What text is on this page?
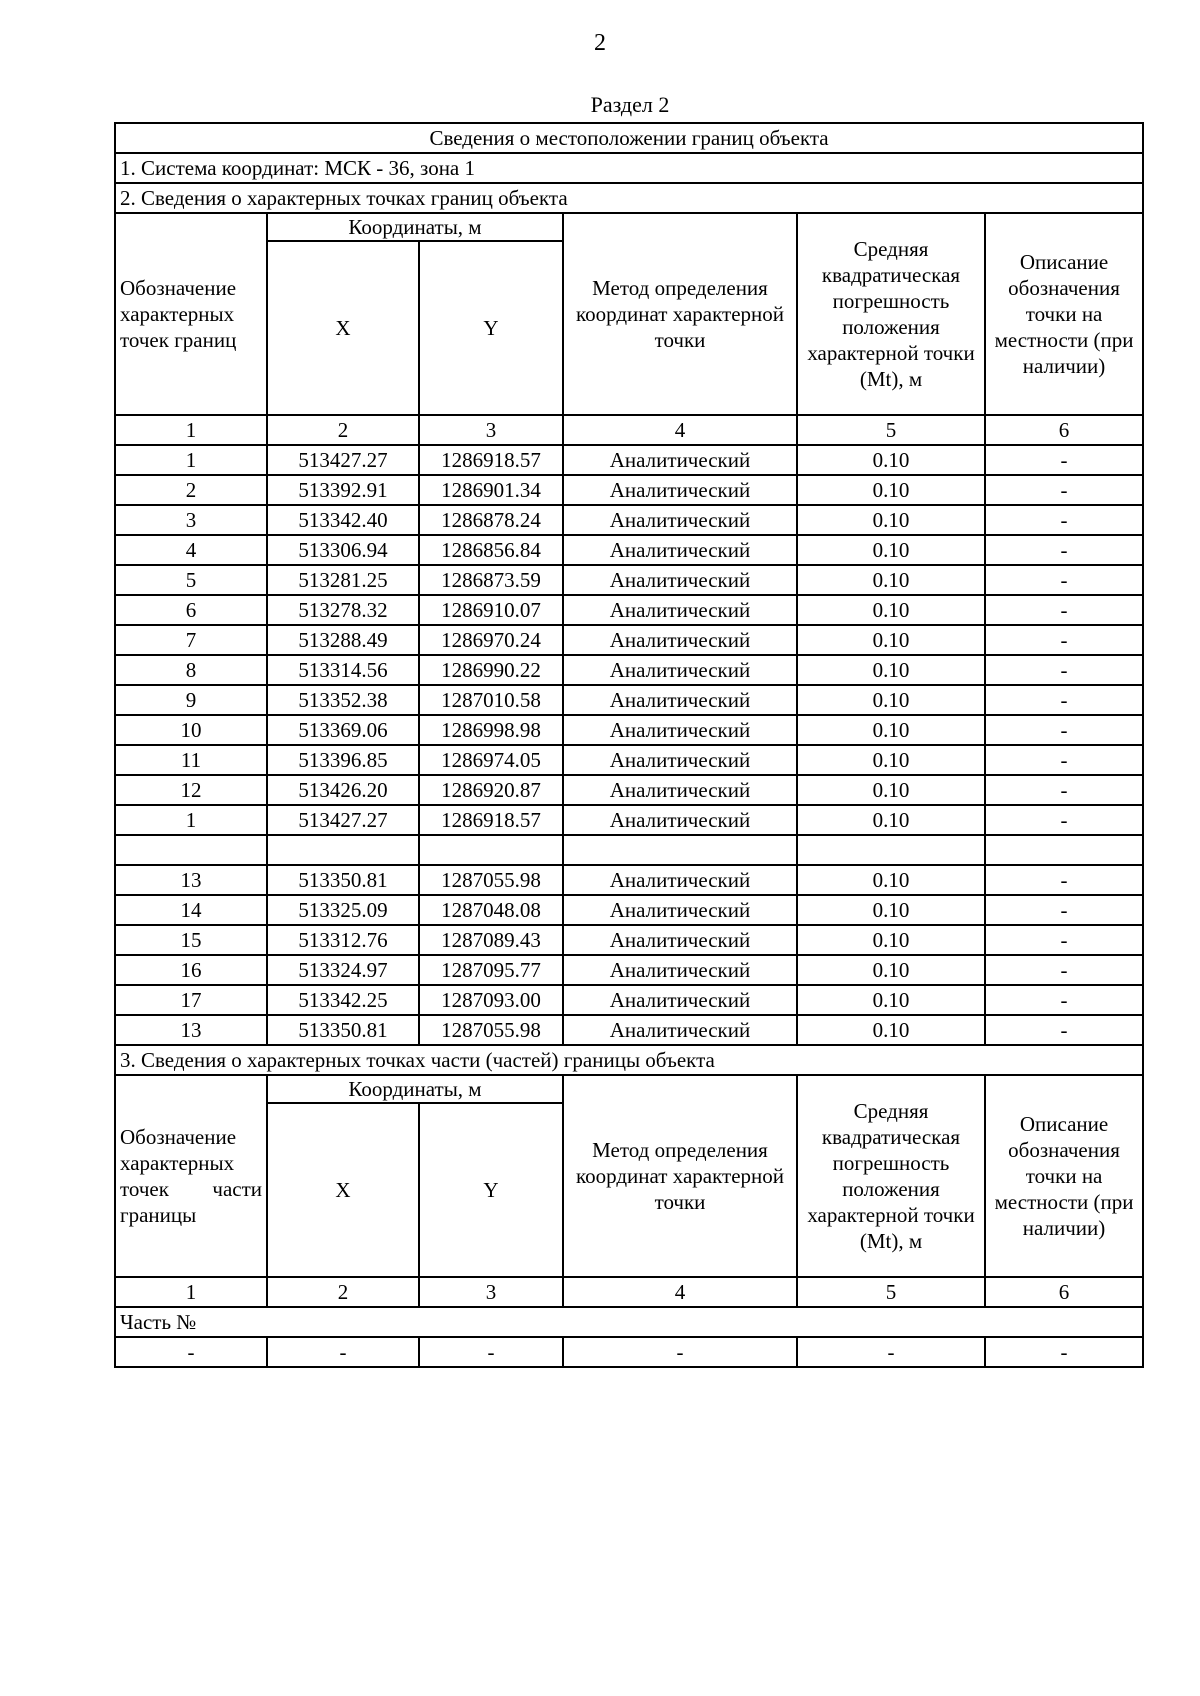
2
Раздел 2
Сведения о местоположении границ объекта					
1. Система координат: МСК - 36, зона 1					
2. Сведения о характерных точках границ объекта					
Обозначение характерных точек границ	Координаты, м		Метод определения координат характерной точки	Средняя квадратическая погрешность положения характерной точки (Mt), м	Описание обозначения точки на местности (при наличии)
	X	Y			
1	2	3	4	5	6
1	513427.27	1286918.57	Аналитический	0.10	-
2	513392.91	1286901.34	Аналитический	0.10	-
3	513342.40	1286878.24	Аналитический	0.10	-
4	513306.94	1286856.84	Аналитический	0.10	-
5	513281.25	1286873.59	Аналитический	0.10	-
6	513278.32	1286910.07	Аналитический	0.10	-
7	513288.49	1286970.24	Аналитический	0.10	-
8	513314.56	1286990.22	Аналитический	0.10	-
9	513352.38	1287010.58	Аналитический	0.10	-
10	513369.06	1286998.98	Аналитический	0.10	-
11	513396.85	1286974.05	Аналитический	0.10	-
12	513426.20	1286920.87	Аналитический	0.10	-
1	513427.27	1286918.57	Аналитический	0.10	-

13	513350.81	1287055.98	Аналитический	0.10	-
14	513325.09	1287048.08	Аналитический	0.10	-
15	513312.76	1287089.43	Аналитический	0.10	-
16	513324.97	1287095.77	Аналитический	0.10	-
17	513342.25	1287093.00	Аналитический	0.10	-
13	513350.81	1287055.98	Аналитический	0.10	-
3. Сведения о характерных точках части (частей) границы объекта					
Обозначение характерных точек части границы	Координаты, м		Метод определения координат характерной точки	Средняя квадратическая погрешность положения характерной точки (Mt), м	Описание обозначения точки на местности (при наличии)
	X	Y			
1	2	3	4	5	6
Часть №					
-	-	-	-	-	-
